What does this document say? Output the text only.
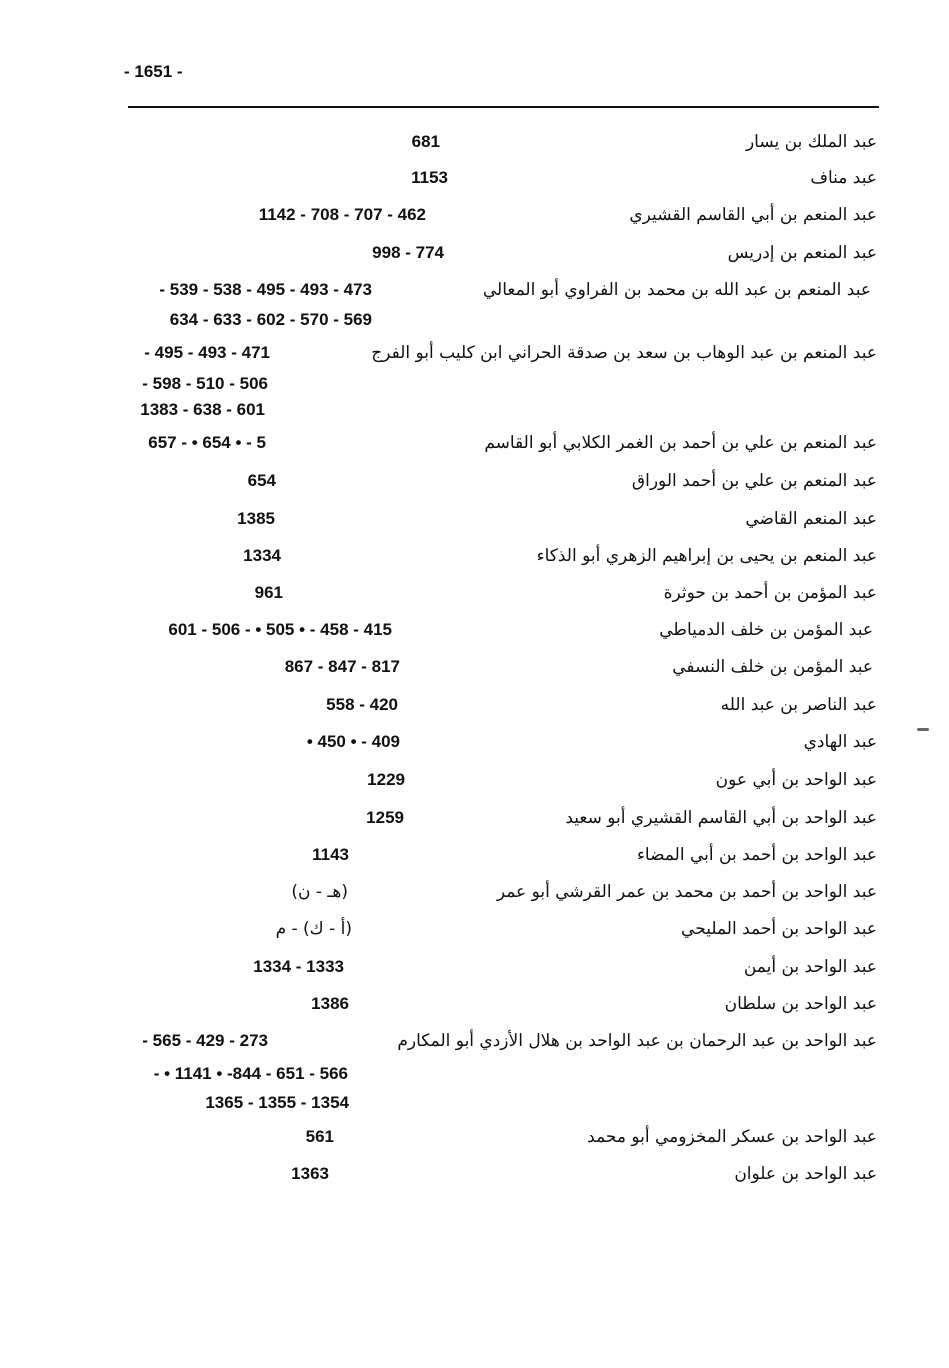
- 1651 -
عبد الملك بن يسار
681
عبد مناف
1153
عبد المنعم بن أبي القاسم القشيري
1142 - 708 - 707 - 462
عبد المنعم بن إدريس
998 - 774
عبد المنعم بن عبد الله بن محمد بن الفراوي أبو المعالي
- 539 - 538 - 495 - 493 - 473
634 - 633 - 602 - 570 - 569
عبد المنعم بن عبد الوهاب بن سعد بن صدقة الحراني ابن كليب أبو الفرج
- 495 - 493 - 471
- 598 - 510 - 506
1383 - 638 - 601
عبد المنعم بن علي بن أحمد بن الغمر الكلابي أبو القاسم
657 - • 654 • - 5
عبد المنعم بن علي بن أحمد الوراق
654
عبد المنعم القاضي
1385
عبد المنعم بن يحيى بن إبراهيم الزهري أبو الذكاء
1334
عبد المؤمن بن أحمد بن حوثرة
961
عبد المؤمن بن خلف الدمياطي
601 - 506 - • 505 • - 458 - 415
عبد المؤمن بن خلف النسفي
867 - 847 - 817
عبد الناصر بن عبد الله
558 - 420
عبد الهادي
• 450 • - 409
عبد الواحد بن أبي عون
1229
عبد الواحد بن أبي القاسم القشيري أبو سعيد
1259
عبد الواحد بن أحمد بن أبي المضاء
1143
عبد الواحد بن أحمد بن محمد بن عمر القرشي أبو عمر
(هـ - ن)
عبد الواحد بن أحمد المليحي
(أ - ك) - م
عبد الواحد بن أيمن
1334 - 1333
عبد الواحد بن سلطان
1386
عبد الواحد بن عبد الرحمان بن عبد الواحد بن هلال الأزدي أبو المكارم
- 565 - 429 - 273
- • 1141 • -844 - 651 - 566
1365 - 1355 - 1354
عبد الواحد بن عسكر المخزومي أبو محمد
561
عبد الواحد بن علوان
1363
